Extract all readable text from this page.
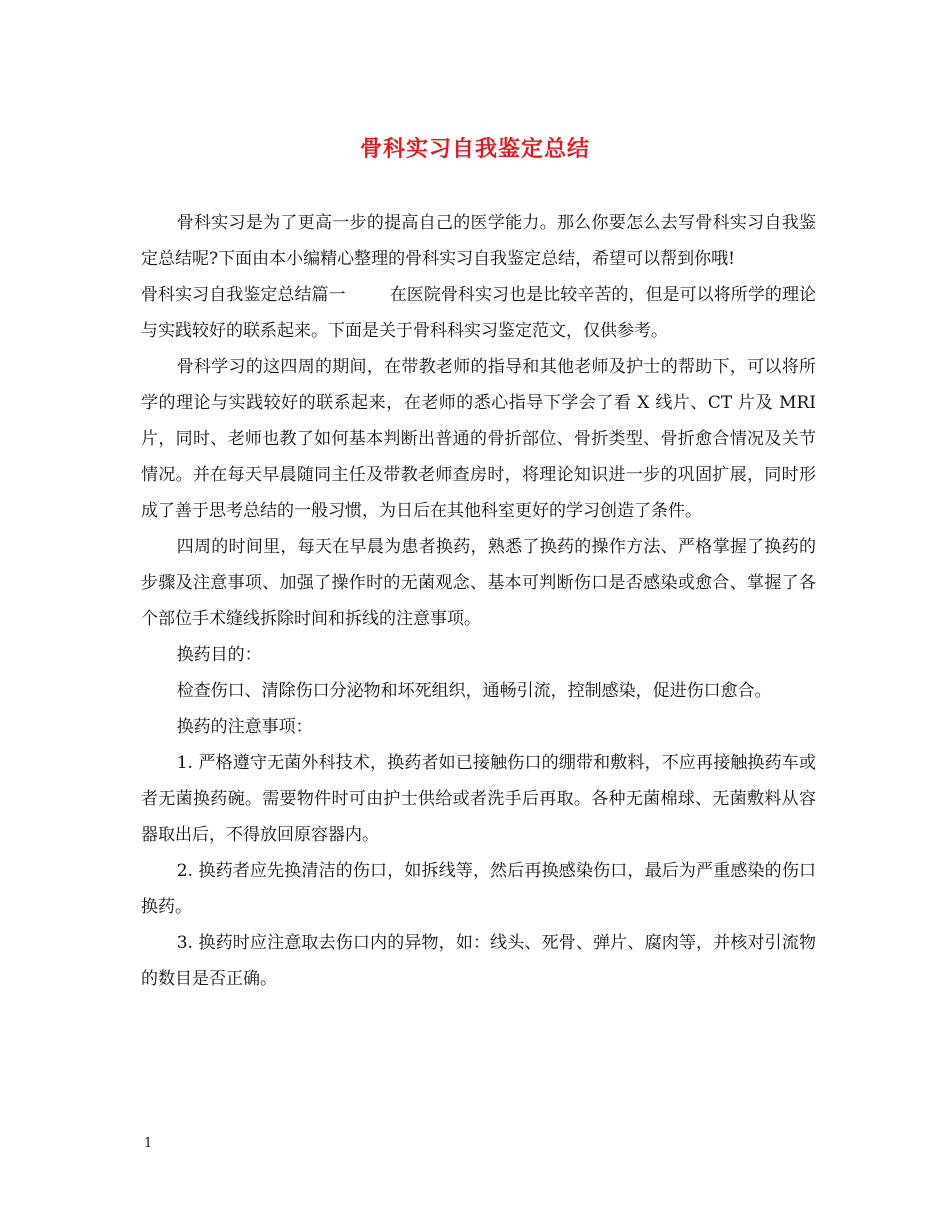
骨科实习自我鉴定总结

骨科实习是为了更高一步的提高自己的医学能力。那么你要怎么去写骨科实习自我鉴定总结呢?下面由本小编精心整理的骨科实习自我鉴定总结，希望可以帮到你哦!

骨科实习自我鉴定总结篇一	在医院骨科实习也是比较辛苦的，但是可以将所学的理论与实践较好的联系起来。下面是关于骨科科实习鉴定范文，仅供参考。

骨科学习的这四周的期间，在带教老师的指导和其他老师及护士的帮助下，可以将所学的理论与实践较好的联系起来，在老师的悉心指导下学会了看 X 线片、CT 片及 MRI 片，同时、老师也教了如何基本判断出普通的骨折部位、骨折类型、骨折愈合情况及关节情况。并在每天早晨随同主任及带教老师查房时，将理论知识进一步的巩固扩展，同时形成了善于思考总结的一般习惯，为日后在其他科室更好的学习创造了条件。

四周的时间里，每天在早晨为患者换药，熟悉了换药的操作方法、严格掌握了换药的步骤及注意事项、加强了操作时的无菌观念、基本可判断伤口是否感染或愈合、掌握了各个部位手术缝线拆除时间和拆线的注意事项。

换药目的：

检查伤口、清除伤口分泌物和坏死组织，通畅引流，控制感染，促进伤口愈合。

换药的注意事项：

1. 严格遵守无菌外科技术，换药者如已接触伤口的绷带和敷料，不应再接触换药车或者无菌换药碗。需要物件时可由护士供给或者洗手后再取。各种无菌棉球、无菌敷料从容器取出后，不得放回原容器内。

2. 换药者应先换清洁的伤口，如拆线等，然后再换感染伤口，最后为严重感染的伤口换药。

3. 换药时应注意取去伤口内的异物，如：线头、死骨、弹片、腐肉等，并核对引流物的数目是否正确。

1
